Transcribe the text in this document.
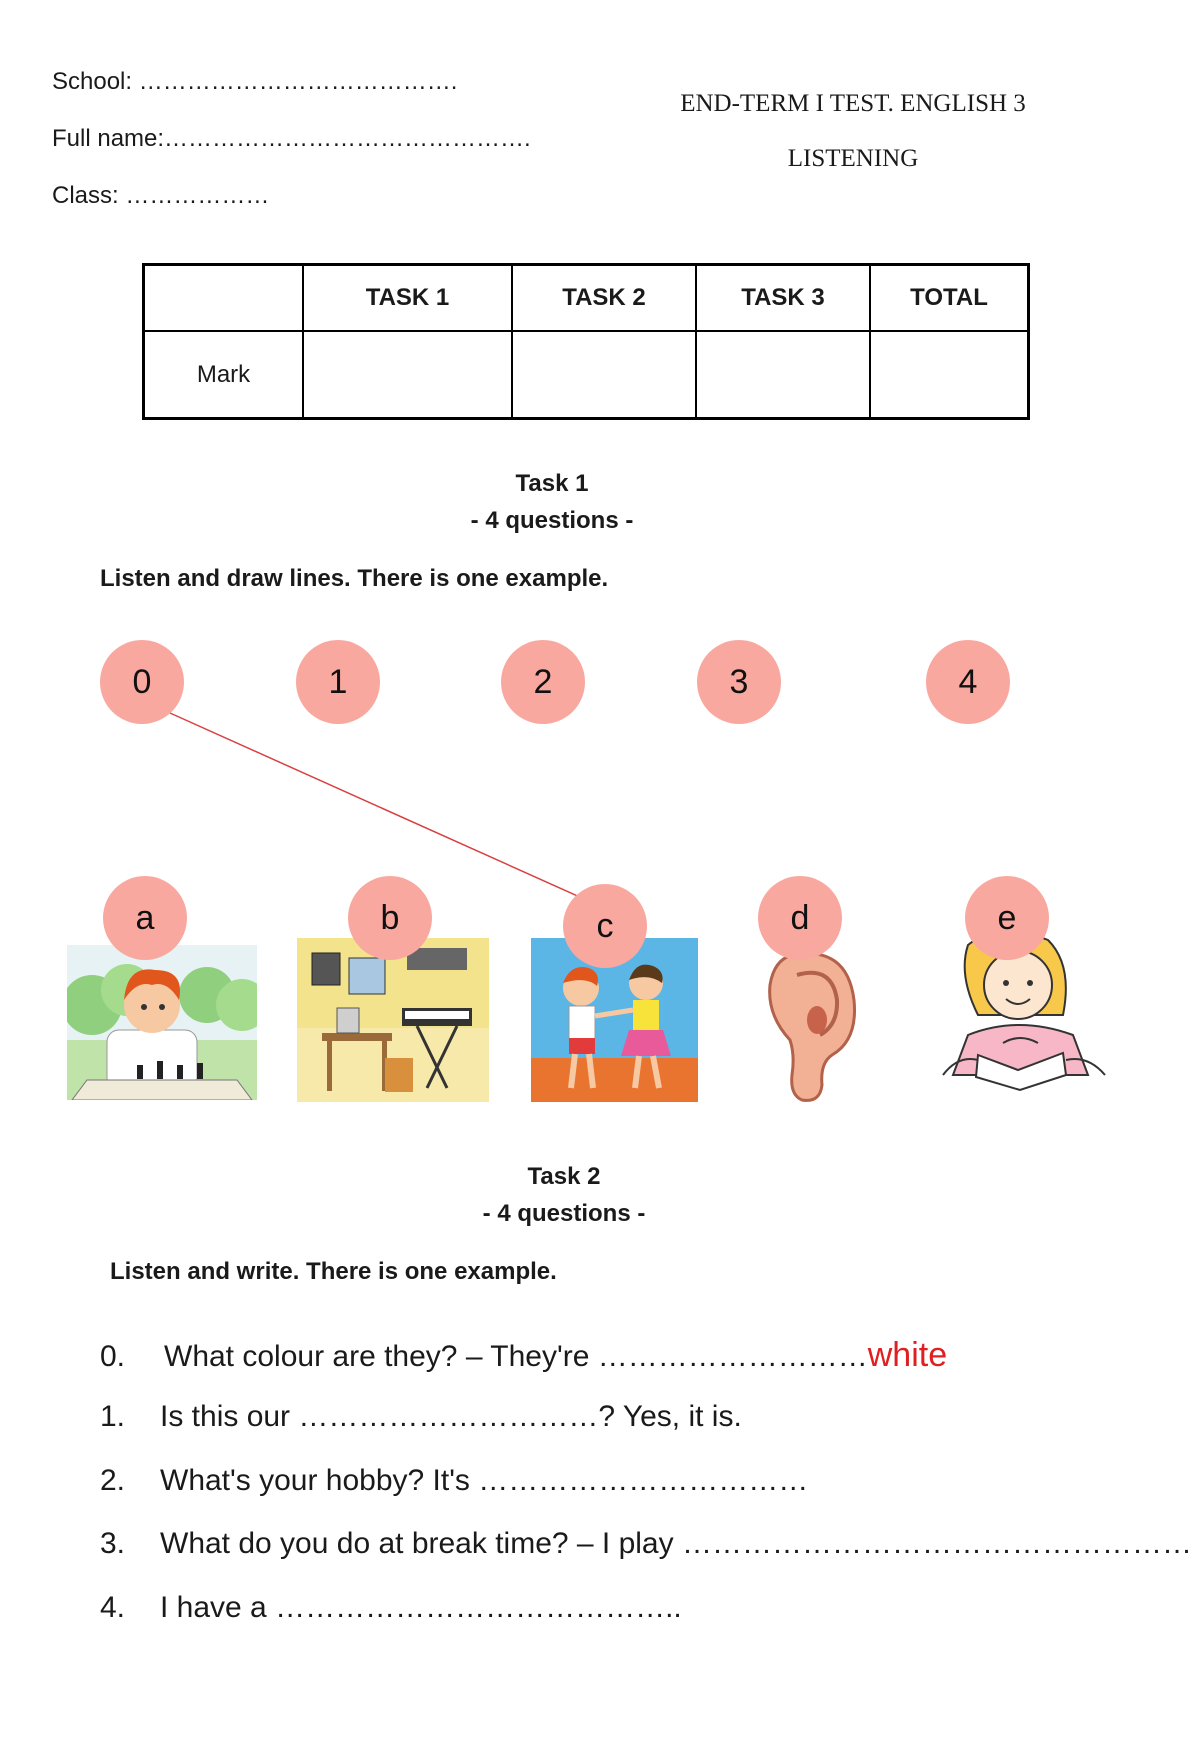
School: ………………………………….
Full name:……………………………………….
Class: ………………
END-TERM I TEST. ENGLISH 3
LISTENING
	TASK 1	TASK 2	TASK 3	TOTAL
Mark				
Task 1
- 4 questions -
Listen and draw lines. There is one example.
0	1	2	3	4
a	b	c	d	e
Task 2
- 4 questions -
Listen and write. There is one example.
0. What colour are they? – They're ………………………white
1. Is this our …………………………? Yes, it is.
2. What's your hobby? It's ……………………………
3. What do you do at break time? – I play ……………………………………………
4. I have a …………………………………..
